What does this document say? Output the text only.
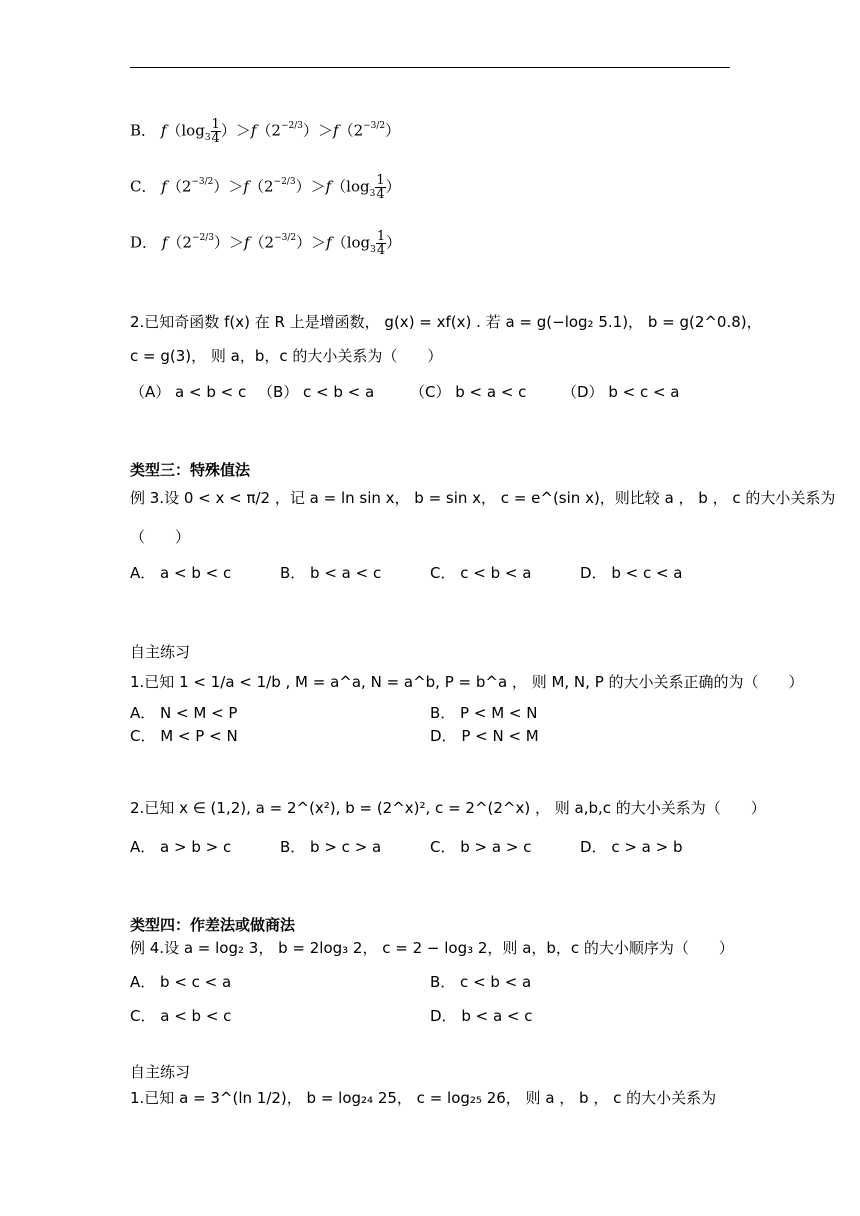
B． $f(\log_3 \frac{1}{4} )>f(2^{-2/3})>f(2^{-3/2})$
C． $f(2^{-3/2})>f(2^{-2/3})>f(\log_3 \frac{1}{4}$ ）
D． $f(2^{-2/3})>f(2^{-3/2})>f(\log_3 \frac{1}{4}$ ）
2.已知奇函数 f(x) 在 R 上是增函数， g(x) = xf(x) . 若 a = g(−log₂ 5.1)， b = g(2^0.8)，
c = g(3)， 则 a，b，c 的大小关系为（　　）
（A） a < b < c （B） c < b < a （C） b < a < c （D） b < c < a
类型三：特殊值法
例 3.设 0 < x < π/2 ，记 a = ln sin x， b = sin x， c = e^(sin x)，则比较 a ， b ， c 的大小关系为
（　　）
A． a < b < c	B． b < a < c	C． c < b < a	D． b < c < a
自主练习
1.已知 1 < 1/a < 1/b , M = a^a, N = a^b, P = b^a ， 则 M, N, P 的大小关系正确的为（　　）
A． N < M < P	B． P < M < N
C． M < P < N	D． P < N < M
2.已知 x ∈ (1,2), a = 2^(x²), b = (2^x)², c = 2^(2^x) ， 则 a,b,c 的大小关系为（　　）
A． a > b > c	B． b > c > a	C． b > a > c	D． c > a > b
类型四：作差法或做商法
例 4.设 a = log₂ 3， b = 2log₃ 2， c = 2 − log₃ 2，则 a，b，c 的大小顺序为（　　）
A． b < c < a	B． c < b < a
C． a < b < c	D． b < a < c
自主练习
1.已知 a = 3^(ln 1/2)， b = log₂₄ 25， c = log₂₅ 26， 则 a ， b ， c 的大小关系为
